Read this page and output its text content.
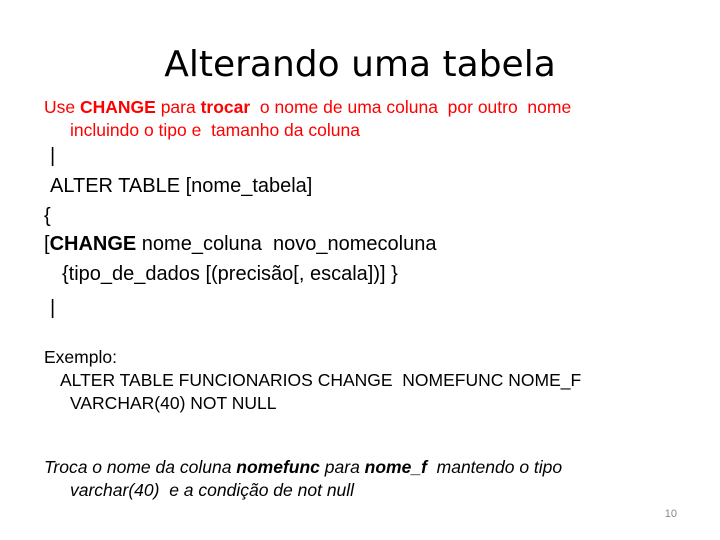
Alterando uma tabela
Use CHANGE para trocar  o nome de uma coluna  por outro  nome
incluindo o tipo e  tamanho da coluna
|
ALTER TABLE [nome_tabela]
{
[CHANGE nome_coluna  novo_nomecoluna
{tipo_de_dados [(precisão[, escala])] }
|
Exemplo:
ALTER TABLE FUNCIONARIOS CHANGE  NOMEFUNC NOME_F
VARCHAR(40) NOT NULL
Troca o nome da coluna nomefunc para nome_f  mantendo o tipo
varchar(40)  e a condição de not null
10
